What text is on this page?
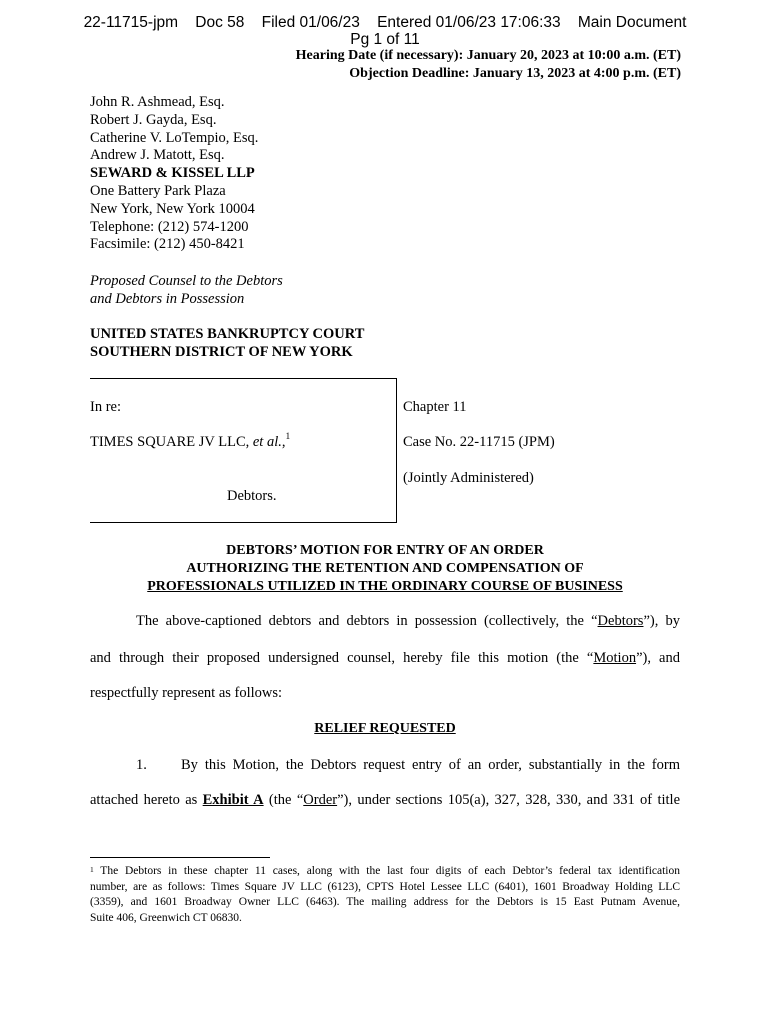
22-11715-jpm    Doc 58    Filed 01/06/23    Entered 01/06/23 17:06:33    Main Document
Pg 1 of 11
Hearing Date (if necessary): January 20, 2023 at 10:00 a.m. (ET)
Objection Deadline: January 13, 2023 at 4:00 p.m. (ET)
John R. Ashmead, Esq.
Robert J. Gayda, Esq.
Catherine V. LoTempio, Esq.
Andrew J. Matott, Esq.
SEWARD & KISSEL LLP
One Battery Park Plaza
New York, New York 10004
Telephone: (212) 574-1200
Facsimile: (212) 450-8421
Proposed Counsel to the Debtors
and Debtors in Possession
UNITED STATES BANKRUPTCY COURT
SOUTHERN DISTRICT OF NEW YORK
In re:
TIMES SQUARE JV LLC, et al.,$^1$
Debtors.
Chapter 11
Case No. 22-11715 (JPM)
(Jointly Administered)
DEBTORS’ MOTION FOR ENTRY OF AN ORDER
AUTHORIZING THE RETENTION AND COMPENSATION OF
PROFESSIONALS UTILIZED IN THE ORDINARY COURSE OF BUSINESS
The above-captioned debtors and debtors in possession (collectively, the “Debtors”), by
and through their proposed undersigned counsel, hereby file this motion (the “Motion”), and
respectfully represent as follows:
RELIEF REQUESTED
1.	By this Motion, the Debtors request entry of an order, substantially in the form
attached hereto as Exhibit A (the “Order”), under sections 105(a), 327, 328, 330, and 331 of title
$^1$ The Debtors in these chapter 11 cases, along with the last four digits of each Debtor’s federal tax identification
number, are as follows: Times Square JV LLC (6123), CPTS Hotel Lessee LLC (6401), 1601 Broadway Holding LLC
(3359), and 1601 Broadway Owner LLC (6463). The mailing address for the Debtors is 15 East Putnam Avenue,
Suite 406, Greenwich CT 06830.
